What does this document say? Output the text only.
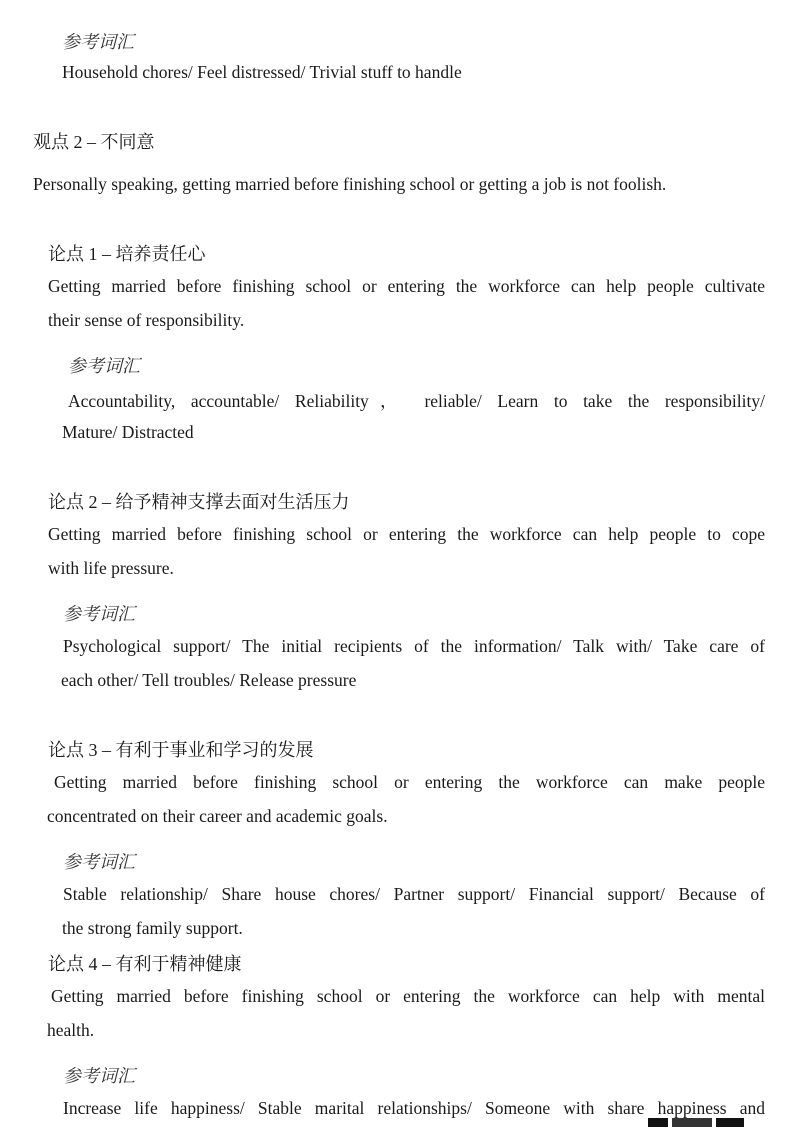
参考词汇
Household chores/ Feel distressed/ Trivial stuff to handle
观点 2 – 不同意
Personally speaking, getting married before finishing school or getting a job is not foolish.
论点 1 – 培养责任心
Getting married before finishing school or entering the workforce can help people cultivate
their sense of responsibility.
参考词汇
Accountability, accountable/ Reliability， reliable/ Learn to take the responsibility/
Mature/ Distracted
论点 2 – 给予精神支撑去面对生活压力
Getting married before finishing school or entering the workforce can help people to cope
with life pressure.
参考词汇
Psychological support/ The initial recipients of the information/ Talk with/ Take care of
each other/ Tell troubles/ Release pressure
论点 3 – 有利于事业和学习的发展
Getting married before finishing school or entering the workforce can make people
concentrated on their career and academic goals.
参考词汇
Stable relationship/ Share house chores/ Partner support/ Financial support/ Because of
the strong family support.
论点 4 – 有利于精神健康
Getting married before finishing school or entering the workforce can help with mental
health.
参考词汇
Increase life happiness/ Stable marital relationships/ Someone with share happiness and
